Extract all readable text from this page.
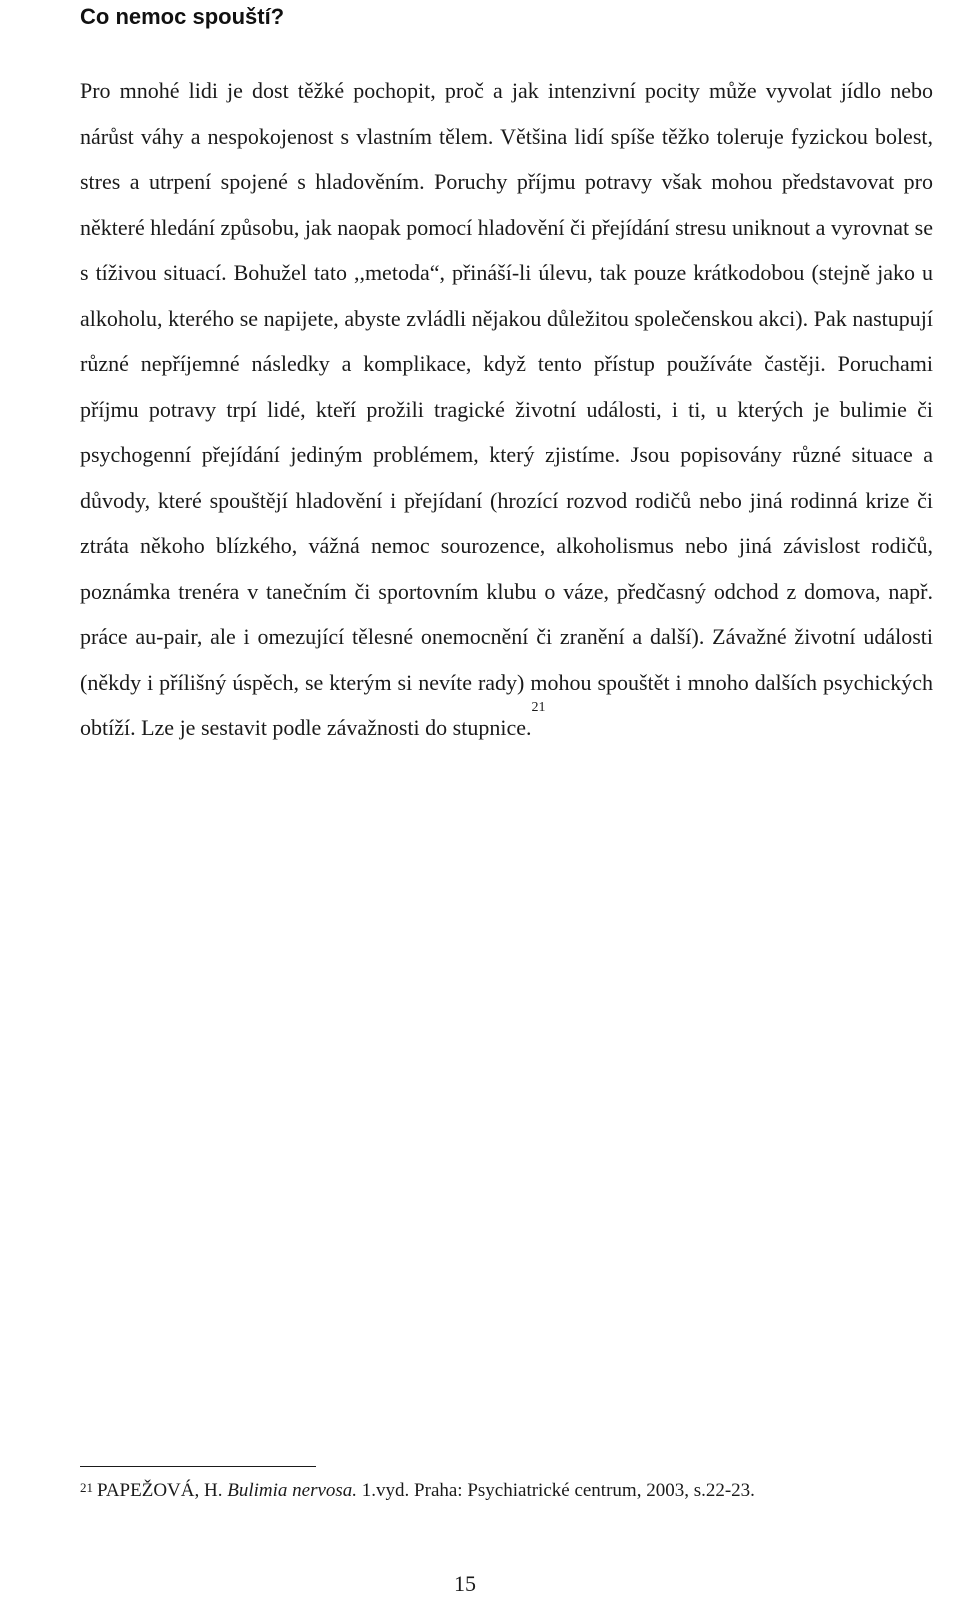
Co nemoc spouští?

Pro mnohé lidi je dost těžké pochopit, proč a jak intenzivní pocity může vyvolat jídlo nebo nárůst váhy a nespokojenost s vlastním tělem. Většina lidí spíše těžko toleruje fyzickou bolest, stres a utrpení spojené s hladověním. Poruchy příjmu potravy však mohou představovat pro některé hledání způsobu, jak naopak pomocí hladovění či přejídání stresu uniknout a vyrovnat se s tíživou situací. Bohužel tato ,,metoda“, přináší-li úlevu, tak pouze krátkodobou (stejně jako u alkoholu, kterého se napijete, abyste zvládli nějakou důležitou společenskou akci). Pak nastupují různé nepříjemné následky a komplikace, když tento přístup používáte častěji. Poruchami příjmu potravy trpí lidé, kteří prožili tragické životní události, i ti, u kterých je bulimie či psychogenní přejídání jediným problémem, který zjistíme. Jsou popisovány různé situace a důvody, které spouštějí hladovění i přejídaní (hrozící rozvod rodičů nebo jiná rodinná krize či ztráta někoho blízkého, vážná nemoc sourozence, alkoholismus nebo jiná závislost rodičů, poznámka trenéra v tanečním či sportovním klubu o váze, předčasný odchod z domova, např. práce au-pair, ale i omezující tělesné onemocnění či zranění a další). Závažné životní události (někdy i přílišný úspěch, se kterým si nevíte rady) mohou spouštět i mnoho dalších psychických obtíží. Lze je sestavit podle závažnosti do stupnice.$^{21}$

$^{21}$ PAPEŽOVÁ, H. Bulimia nervosa. 1.vyd. Praha: Psychiatrické centrum, 2003, s.22-23.

15
